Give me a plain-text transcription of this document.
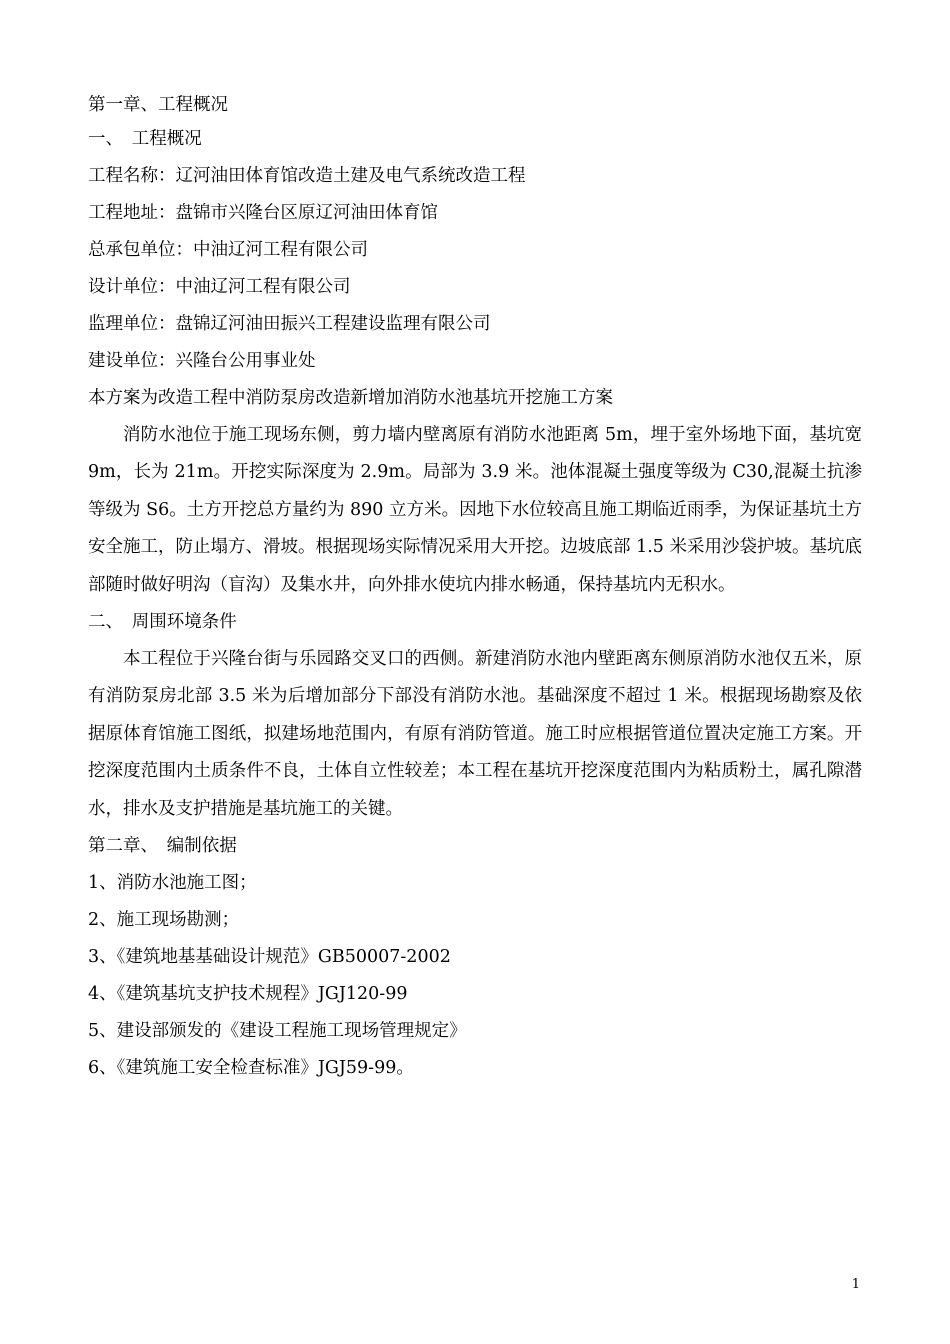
第一章、工程概况

一、　工程概况

工程名称：辽河油田体育馆改造土建及电气系统改造工程

工程地址：盘锦市兴隆台区原辽河油田体育馆

总承包单位：中油辽河工程有限公司

设计单位：中油辽河工程有限公司

监理单位：盘锦辽河油田振兴工程建设监理有限公司

建设单位：兴隆台公用事业处

本方案为改造工程中消防泵房改造新增加消防水池基坑开挖施工方案

消防水池位于施工现场东侧，剪力墙内壁离原有消防水池距离 5m，埋于室外场地下面，基坑宽 9m，长为 21m。开挖实际深度为 2.9m。局部为 3.9 米。池体混凝土强度等级为 C30,混凝土抗渗等级为 S6。土方开挖总方量约为 890 立方米。因地下水位较高且施工期临近雨季，为保证基坑土方安全施工，防止塌方、滑坡。根据现场实际情况采用大开挖。边坡底部 1.5 米采用沙袋护坡。基坑底部随时做好明沟（盲沟）及集水井，向外排水使坑内排水畅通，保持基坑内无积水。

二、　周围环境条件

本工程位于兴隆台街与乐园路交叉口的西侧。新建消防水池内壁距离东侧原消防水池仅五米，原有消防泵房北部 3.5 米为后增加部分下部没有消防水池。基础深度不超过 1 米。根据现场勘察及依据原体育馆施工图纸，拟建场地范围内，有原有消防管道。施工时应根据管道位置决定施工方案。开挖深度范围内土质条件不良，土体自立性较差；本工程在基坑开挖深度范围内为粘质粉土，属孔隙潜水，排水及支护措施是基坑施工的关键。

第二章、　编制依据

1、消防水池施工图；

2、施工现场勘测；

3、《建筑地基基础设计规范》GB50007-2002

4、《建筑基坑支护技术规程》JGJ120-99

5、建设部颁发的《建设工程施工现场管理规定》

6、《建筑施工安全检查标准》JGJ59-99。

1
